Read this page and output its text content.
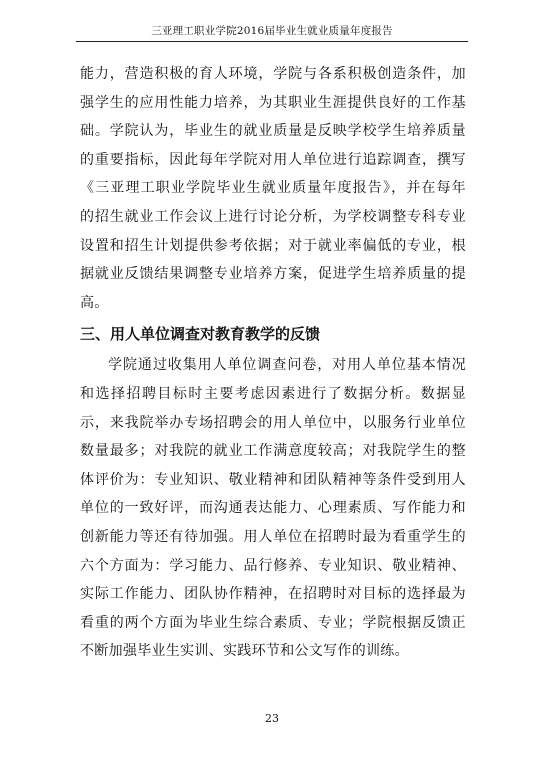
三亚理工职业学院2016届毕业生就业质量年度报告
能力，营造积极的育人环境，学院与各系积极创造条件，加
强学生的应用性能力培养，为其职业生涯提供良好的工作基
础。学院认为，毕业生的就业质量是反映学校学生培养质量
的重要指标，因此每年学院对用人单位进行追踪调查，撰写
《三亚理工职业学院毕业生就业质量年度报告》，并在每年
的招生就业工作会议上进行讨论分析，为学校调整专科专业
设置和招生计划提供参考依据；对于就业率偏低的专业，根
据就业反馈结果调整专业培养方案，促进学生培养质量的提
高。
三、用人单位调查对教育教学的反馈
学院通过收集用人单位调查问卷，对用人单位基本情况
和选择招聘目标时主要考虑因素进行了数据分析。数据显
示，来我院举办专场招聘会的用人单位中，以服务行业单位
数量最多；对我院的就业工作满意度较高；对我院学生的整
体评价为：专业知识、敬业精神和团队精神等条件受到用人
单位的一致好评，而沟通表达能力、心理素质、写作能力和
创新能力等还有待加强。用人单位在招聘时最为看重学生的
六个方面为：学习能力、品行修养、专业知识、敬业精神、
实际工作能力、团队协作精神，在招聘时对目标的选择最为
看重的两个方面为毕业生综合素质、专业；学院根据反馈正
不断加强毕业生实训、实践环节和公文写作的训练。
23
